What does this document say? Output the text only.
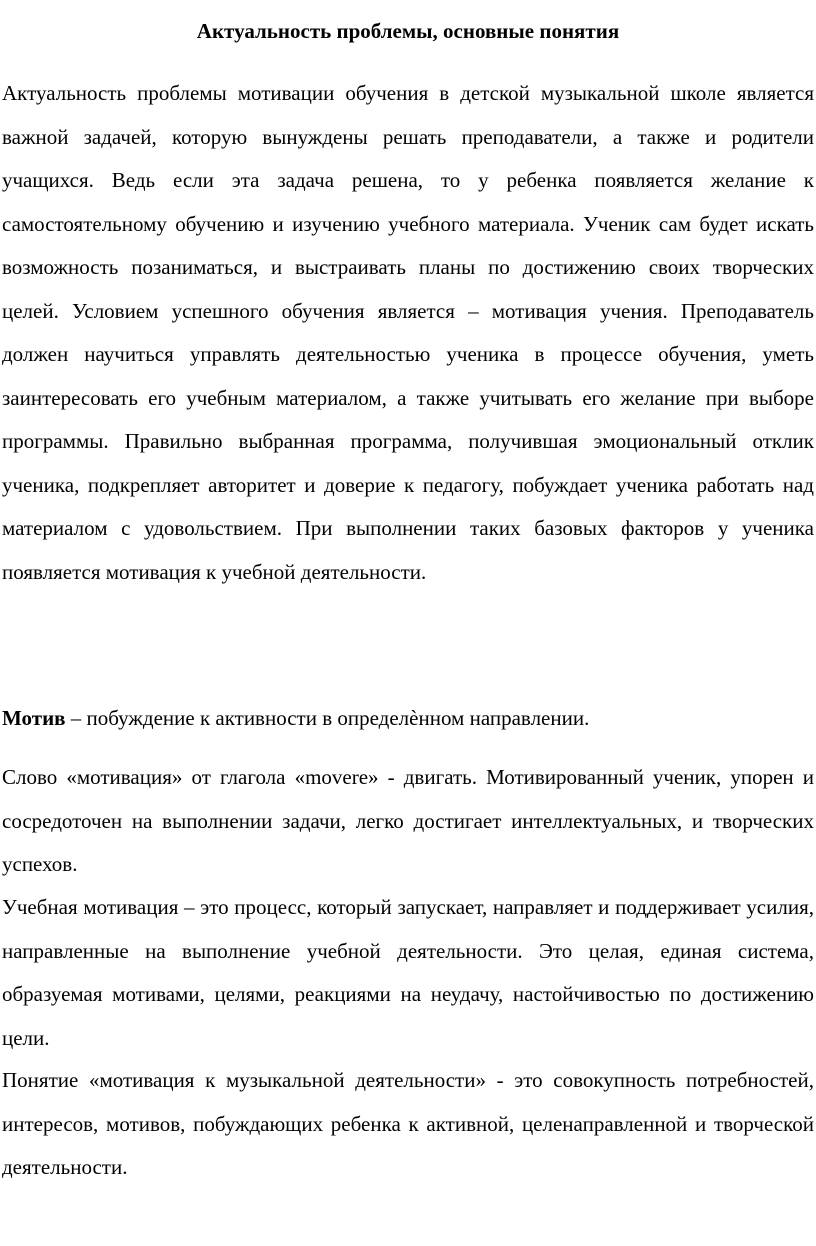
Актуальность проблемы, основные понятия

Актуальность проблемы мотивации обучения в детской музыкальной школе является важной задачей, которую вынуждены решать преподаватели, а также и родители учащихся. Ведь если эта задача решена, то у ребенка появляется желание к самостоятельному обучению и изучению учебного материала. Ученик сам будет искать возможность позаниматься, и выстраивать планы по достижению своих творческих целей. Условием успешного обучения является – мотивация учения. Преподаватель должен научиться управлять деятельностью ученика в процессе обучения, уметь заинтересовать его учебным материалом, а также учитывать его желание при выборе программы. Правильно выбранная программа, получившая эмоциональный отклик ученика, подкрепляет авторитет и доверие к педагогу, побуждает ученика работать над материалом с удовольствием. При выполнении таких базовых факторов у ученика появляется мотивация к учебной деятельности.

Мотив – побуждение к активности в определѐнном направлении.

Слово «мотивация» от глагола «movere» - двигать. Мотивированный ученик, упорен и сосредоточен на выполнении задачи, легко достигает интеллектуальных, и творческих успехов.

Учебная мотивация – это процесс, который запускает, направляет и поддерживает усилия, направленные на выполнение учебной деятельности. Это целая, единая система, образуемая мотивами, целями, реакциями на неудачу, настойчивостью по достижению цели.

Понятие «мотивация к музыкальной деятельности» - это совокупность потребностей, интересов, мотивов, побуждающих ребенка к активной, целенаправленной и творческой деятельности.
